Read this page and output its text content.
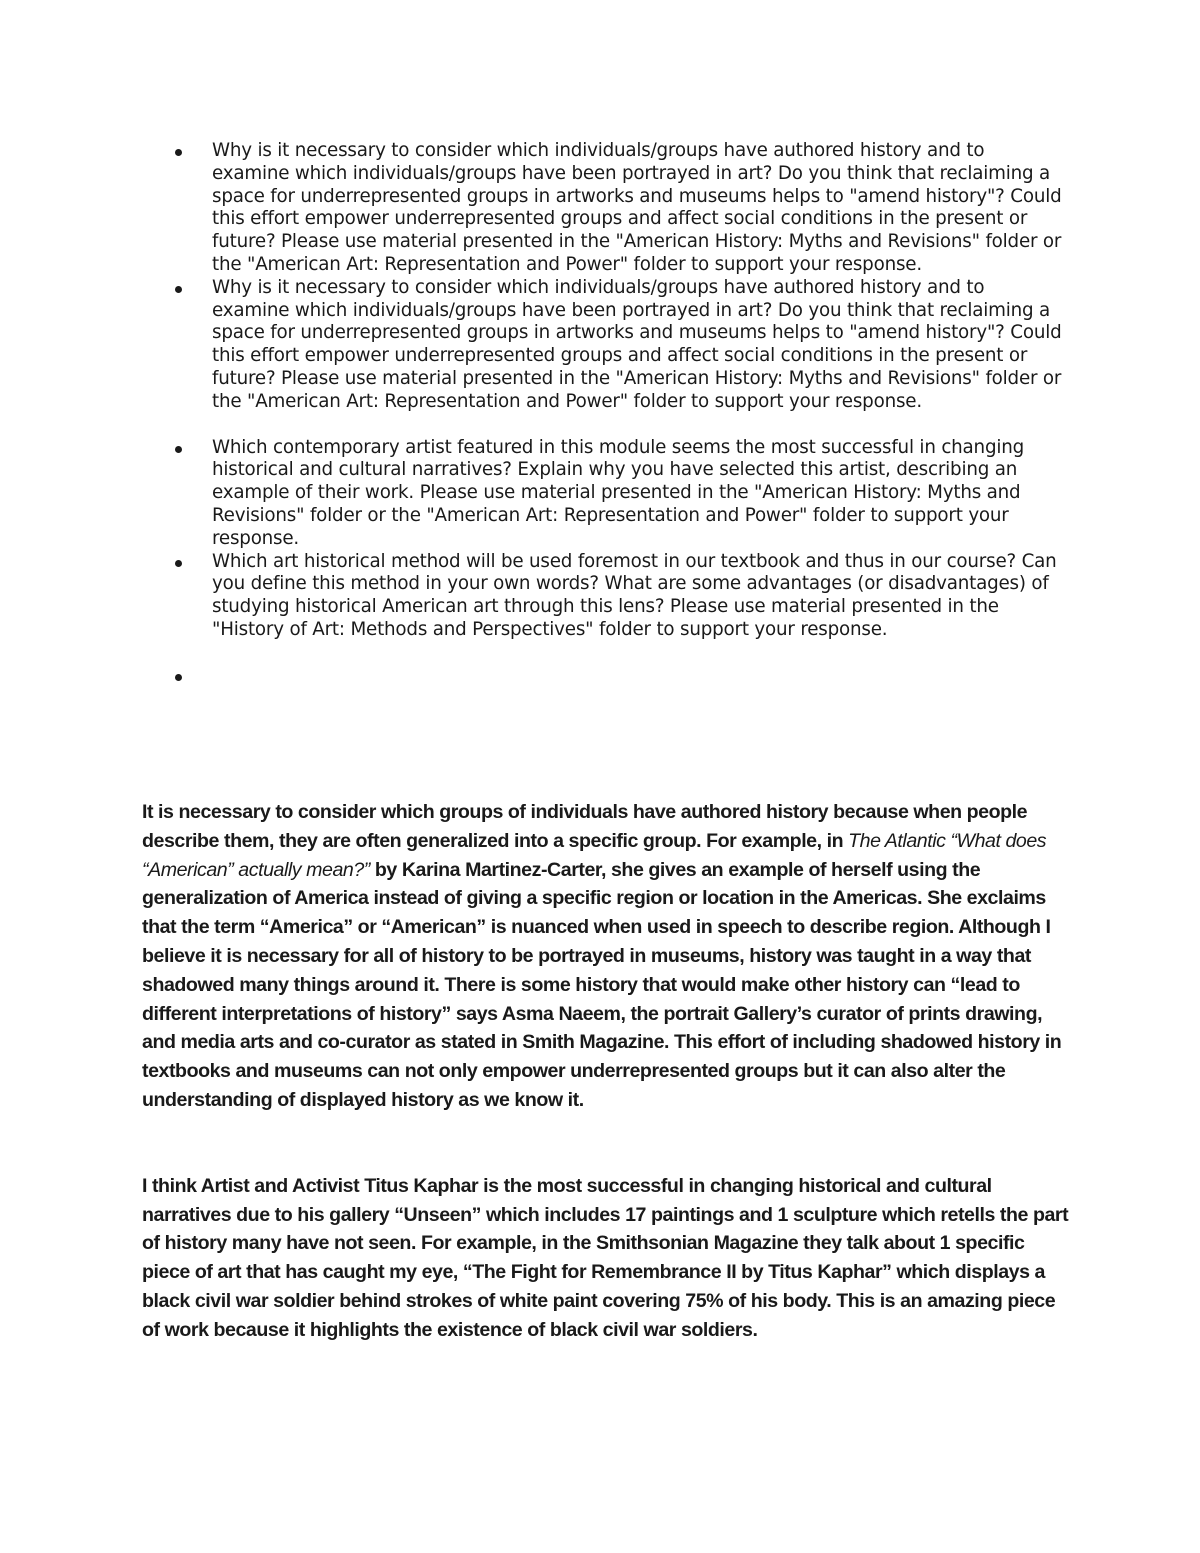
Why is it necessary to consider which individuals/groups have authored history and to examine which individuals/groups have been portrayed in art? Do you think that reclaiming a space for underrepresented groups in artworks and museums helps to "amend history"? Could this effort empower underrepresented groups and affect social conditions in the present or future? Please use material presented in the "American History: Myths and Revisions" folder or the "American Art: Representation and Power" folder to support your response.
Why is it necessary to consider which individuals/groups have authored history and to examine which individuals/groups have been portrayed in art? Do you think that reclaiming a space for underrepresented groups in artworks and museums helps to "amend history"? Could this effort empower underrepresented groups and affect social conditions in the present or future? Please use material presented in the "American History: Myths and Revisions" folder or the "American Art: Representation and Power" folder to support your response.
Which contemporary artist featured in this module seems the most successful in changing historical and cultural narratives? Explain why you have selected this artist, describing an example of their work. Please use material presented in the "American History: Myths and Revisions" folder or the "American Art: Representation and Power" folder to support your response.
Which art historical method will be used foremost in our textbook and thus in our course? Can you define this method in your own words? What are some advantages (or disadvantages) of studying historical American art through this lens? Please use material presented in the "History of Art: Methods and Perspectives" folder to support your response.

It is necessary to consider which groups of individuals have authored history because when people describe them, they are often generalized into a specific group. For example, in The Atlantic “What does “American” actually mean?” by Karina Martinez-Carter, she gives an example of herself using the generalization of America instead of giving a specific region or location in the Americas. She exclaims that the term “America” or “American” is nuanced when used in speech to describe region. Although I believe it is necessary for all of history to be portrayed in museums, history was taught in a way that shadowed many things around it. There is some history that would make other history can “lead to different interpretations of history” says Asma Naeem, the portrait Gallery’s curator of prints drawing, and media arts and co-curator as stated in Smith Magazine. This effort of including shadowed history in textbooks and museums can not only empower underrepresented groups but it can also alter the understanding of displayed history as we know it.

I think Artist and Activist Titus Kaphar is the most successful in changing historical and cultural narratives due to his gallery “Unseen” which includes 17 paintings and 1 sculpture which retells the part of history many have not seen. For example, in the Smithsonian Magazine they talk about 1 specific piece of art that has caught my eye, “The Fight for Remembrance II by Titus Kaphar” which displays a black civil war soldier behind strokes of white paint covering 75% of his body. This is an amazing piece of work because it highlights the existence of black civil war soldiers.
